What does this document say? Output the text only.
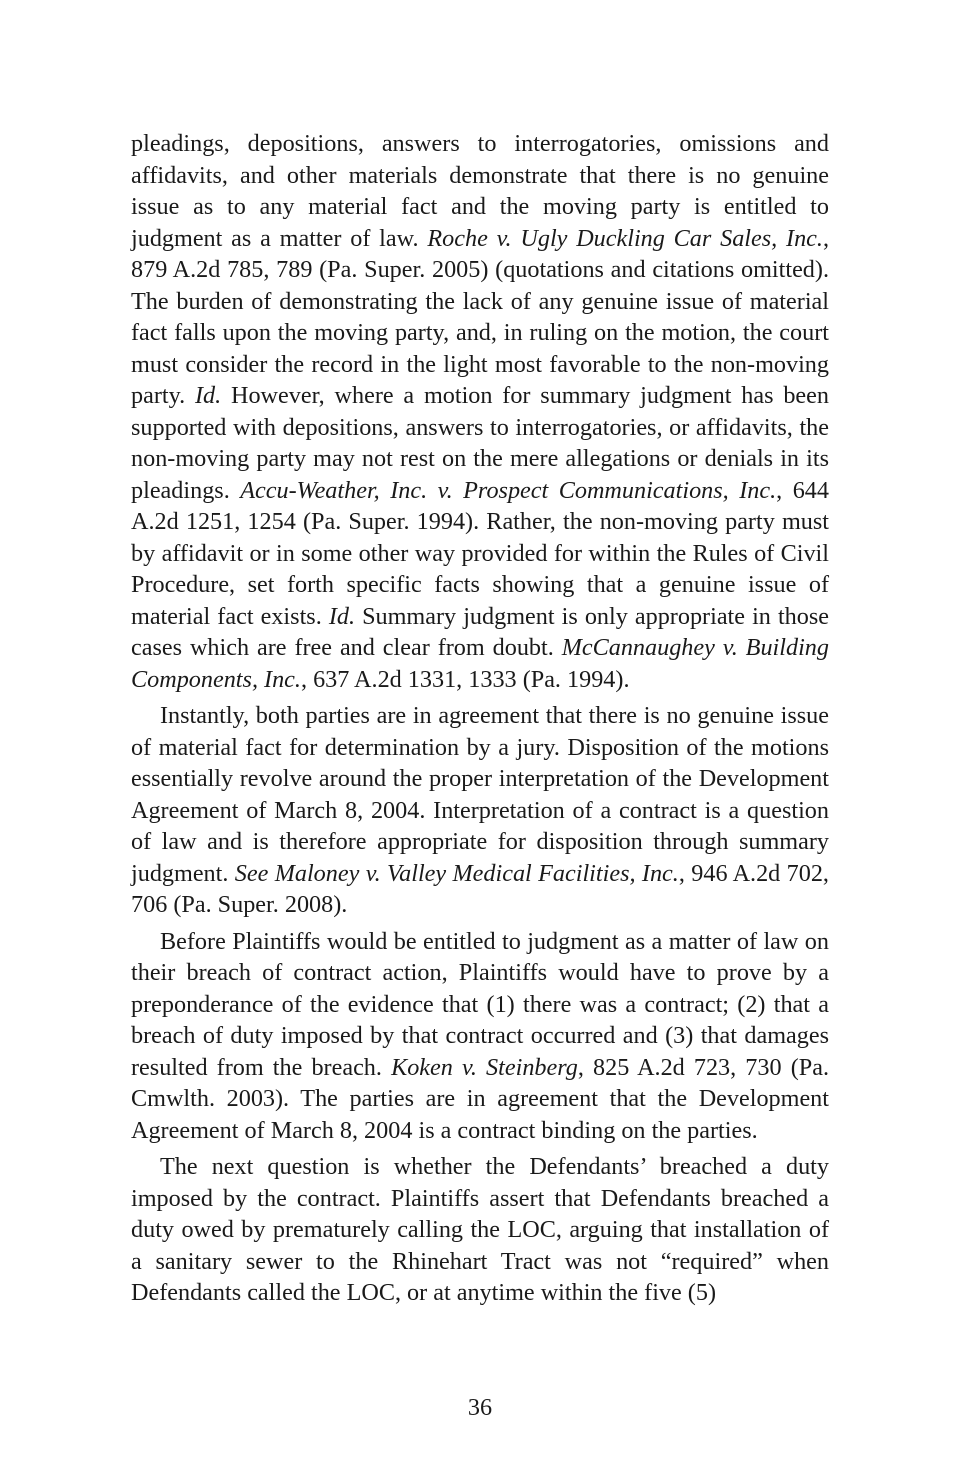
pleadings, depositions, answers to interrogatories, omissions and affidavits, and other materials demonstrate that there is no genuine issue as to any material fact and the moving party is entitled to judgment as a matter of law. Roche v. Ugly Duckling Car Sales, Inc., 879 A.2d 785, 789 (Pa. Super. 2005) (quotations and citations omitted). The burden of demonstrating the lack of any genuine issue of material fact falls upon the moving party, and, in ruling on the motion, the court must consider the record in the light most favorable to the non-moving party. Id. However, where a motion for summary judgment has been supported with depositions, answers to interrogatories, or affidavits, the non-moving party may not rest on the mere allegations or denials in its pleadings. Accu-Weather, Inc. v. Prospect Communications, Inc., 644 A.2d 1251, 1254 (Pa. Super. 1994). Rather, the non-moving party must by affidavit or in some other way provided for within the Rules of Civil Procedure, set forth specific facts showing that a genuine issue of material fact exists. Id. Summary judgment is only appropriate in those cases which are free and clear from doubt. McCannaughey v. Building Components, Inc., 637 A.2d 1331, 1333 (Pa. 1994).

Instantly, both parties are in agreement that there is no genuine issue of material fact for determination by a jury. Disposition of the motions essentially revolve around the proper interpretation of the Development Agreement of March 8, 2004. Interpretation of a contract is a question of law and is therefore appropriate for disposition through summary judgment. See Maloney v. Valley Medical Facilities, Inc., 946 A.2d 702, 706 (Pa. Super. 2008).

Before Plaintiffs would be entitled to judgment as a matter of law on their breach of contract action, Plaintiffs would have to prove by a preponderance of the evidence that (1) there was a contract; (2) that a breach of duty imposed by that contract occurred and (3) that damages resulted from the breach. Koken v. Steinberg, 825 A.2d 723, 730 (Pa. Cmwlth. 2003). The parties are in agreement that the Development Agreement of March 8, 2004 is a contract binding on the parties.

The next question is whether the Defendants’ breached a duty imposed by the contract. Plaintiffs assert that Defendants breached a duty owed by prematurely calling the LOC, arguing that installation of a sanitary sewer to the Rhinehart Tract was not “required” when Defendants called the LOC, or at anytime within the five (5)

36
